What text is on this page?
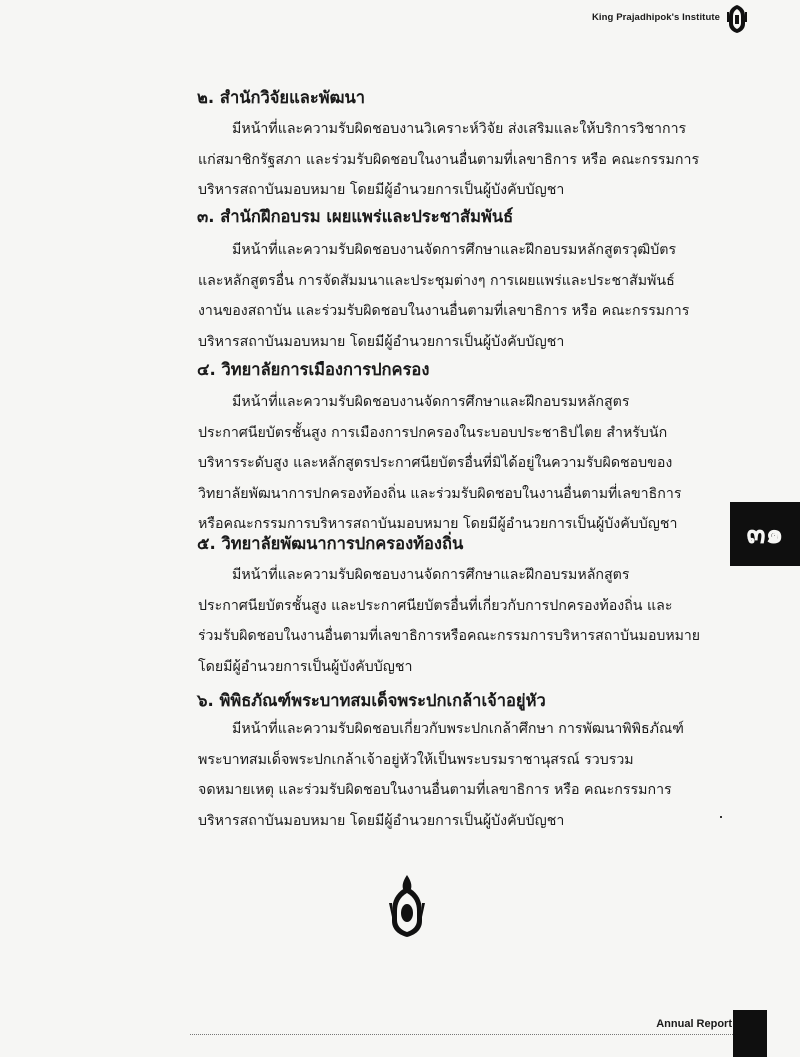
King Prajadhipok's Institute
๒. สำนักวิจัยและพัฒนา
มีหน้าที่และความรับผิดชอบงานวิเคราะห์วิจัย ส่งเสริมและให้บริการวิชาการ
แก่สมาชิกรัฐสภา และร่วมรับผิดชอบในงานอื่นตามที่เลขาธิการ หรือ คณะกรรมการ
บริหารสถาบันมอบหมาย โดยมีผู้อำนวยการเป็นผู้บังคับบัญชา
๓. สำนักฝึกอบรม เผยแพร่และประชาสัมพันธ์
มีหน้าที่และความรับผิดชอบงานจัดการศึกษาและฝึกอบรมหลักสูตรวุฒิบัตร
และหลักสูตรอื่น การจัดสัมมนาและประชุมต่างๆ การเผยแพร่และประชาสัมพันธ์
งานของสถาบัน และร่วมรับผิดชอบในงานอื่นตามที่เลขาธิการ หรือ คณะกรรมการ
บริหารสถาบันมอบหมาย โดยมีผู้อำนวยการเป็นผู้บังคับบัญชา
๔. วิทยาลัยการเมืองการปกครอง
มีหน้าที่และความรับผิดชอบงานจัดการศึกษาและฝึกอบรมหลักสูตร
ประกาศนียบัตรชั้นสูง การเมืองการปกครองในระบอบประชาธิปไตย สำหรับนัก
บริหารระดับสูง และหลักสูตรประกาศนียบัตรอื่นที่มิได้อยู่ในความรับผิดชอบของ
วิทยาลัยพัฒนาการปกครองท้องถิ่น และร่วมรับผิดชอบในงานอื่นตามที่เลขาธิการ
หรือคณะกรรมการบริหารสถาบันมอบหมาย โดยมีผู้อำนวยการเป็นผู้บังคับบัญชา
๕. วิทยาลัยพัฒนาการปกครองท้องถิ่น
มีหน้าที่และความรับผิดชอบงานจัดการศึกษาและฝึกอบรมหลักสูตร
ประกาศนียบัตรชั้นสูง และประกาศนียบัตรอื่นที่เกี่ยวกับการปกครองท้องถิ่น และ
ร่วมรับผิดชอบในงานอื่นตามที่เลขาธิการหรือคณะกรรมการบริหารสถาบันมอบหมาย
โดยมีผู้อำนวยการเป็นผู้บังคับบัญชา
๖. พิพิธภัณฑ์พระบาทสมเด็จพระปกเกล้าเจ้าอยู่หัว
มีหน้าที่และความรับผิดชอบเกี่ยวกับพระปกเกล้าศึกษา การพัฒนาพิพิธภัณฑ์
พระบาทสมเด็จพระปกเกล้าเจ้าอยู่หัวให้เป็นพระบรมราชานุสรณ์ รวบรวม
จดหมายเหตุ และร่วมรับผิดชอบในงานอื่นตามที่เลขาธิการ หรือ คณะกรรมการ
บริหารสถาบันมอบหมาย โดยมีผู้อำนวยการเป็นผู้บังคับบัญชา
๓๑
Annual Report
